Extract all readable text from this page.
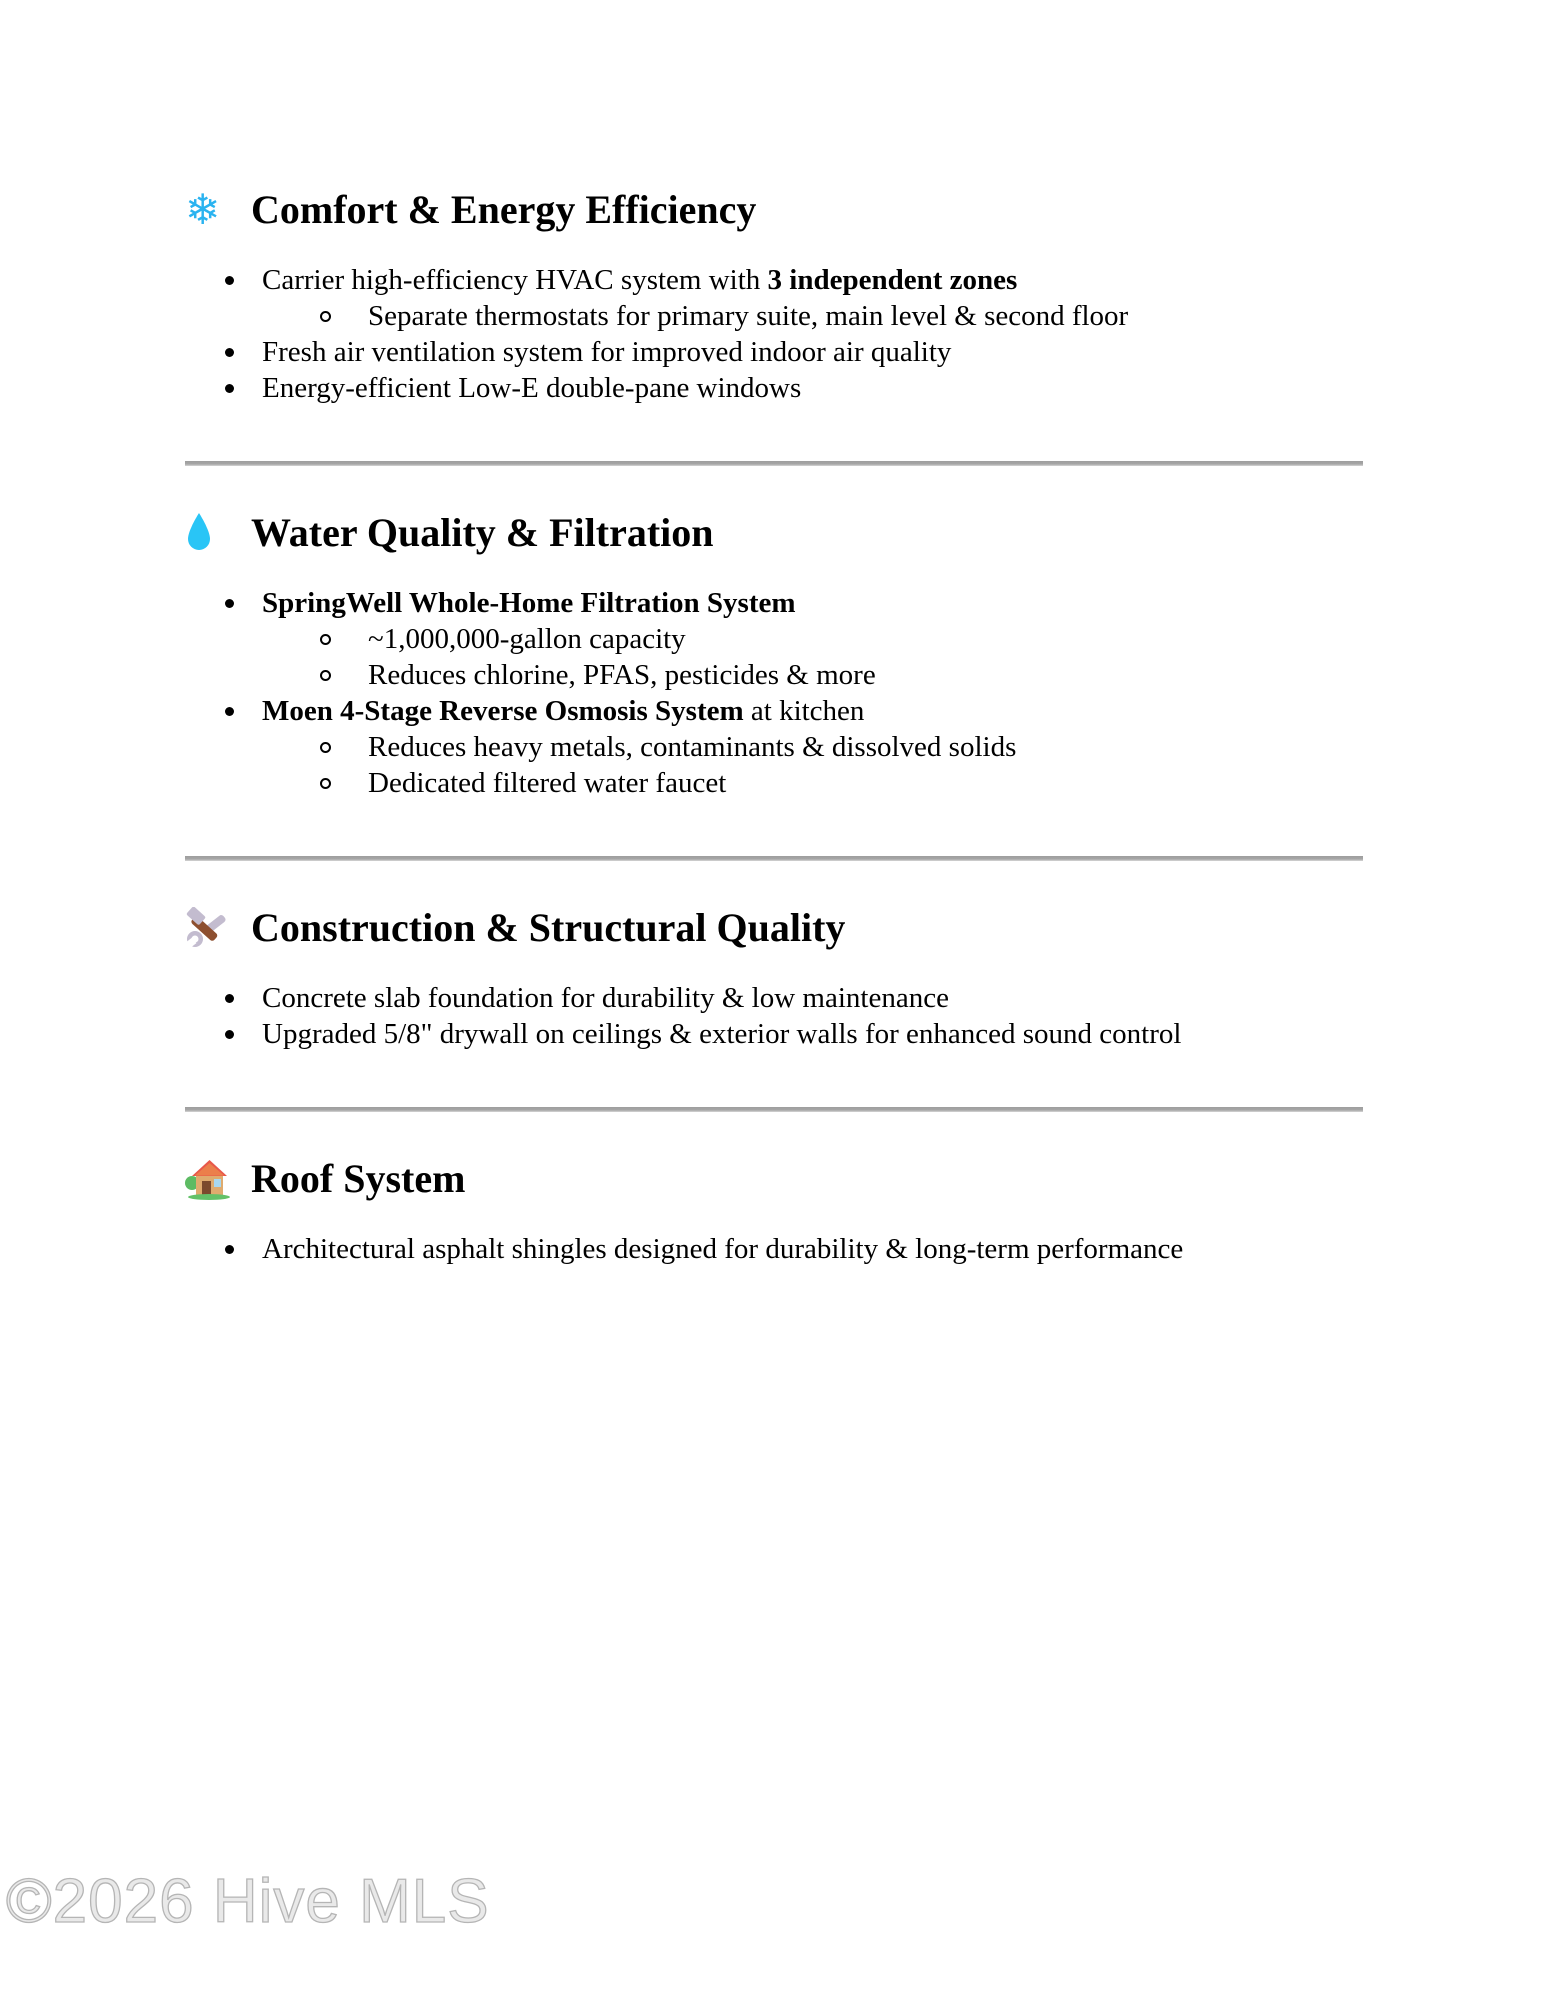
❄ Comfort & Energy Efficiency
Carrier high-efficiency HVAC system with 3 independent zones
Separate thermostats for primary suite, main level & second floor
Fresh air ventilation system for improved indoor air quality
Energy-efficient Low-E double-pane windows
Water Quality & Filtration
SpringWell Whole-Home Filtration System
~1,000,000-gallon capacity
Reduces chlorine, PFAS, pesticides & more
Moen 4-Stage Reverse Osmosis System at kitchen
Reduces heavy metals, contaminants & dissolved solids
Dedicated filtered water faucet
Construction & Structural Quality
Concrete slab foundation for durability & low maintenance
Upgraded 5/8" drywall on ceilings & exterior walls for enhanced sound control
Roof System
Architectural asphalt shingles designed for durability & long-term performance
©2026 Hive MLS
